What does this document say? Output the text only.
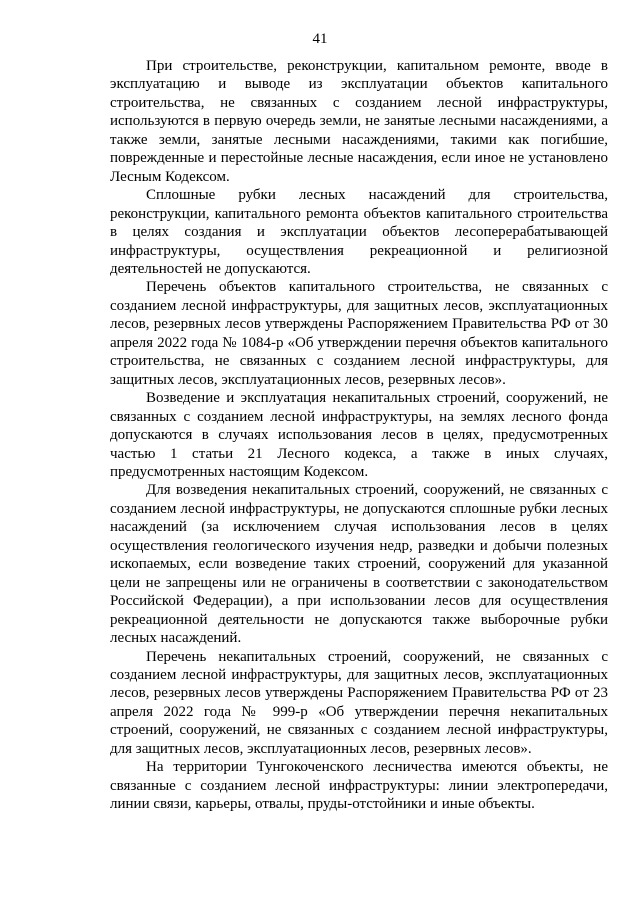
41

При строительстве, реконструкции, капитальном ремонте, вводе в эксплуатацию и выводе из эксплуатации объектов капитального строительства, не связанных с созданием лесной инфраструктуры, используются в первую очередь земли, не занятые лесными насаждениями, а также земли, занятые лесными насаждениями, такими как погибшие, поврежденные и перестойные лесные насаждения, если иное не установлено Лесным Кодексом.

Сплошные рубки лесных насаждений для строительства, реконструкции, капитального ремонта объектов капитального строительства в целях создания и эксплуатации объектов лесоперерабатывающей инфраструктуры, осуществления рекреационной и религиозной деятельностей не допускаются.

Перечень объектов капитального строительства, не связанных с созданием лесной инфраструктуры, для защитных лесов, эксплуатационных лесов, резервных лесов утверждены Распоряжением Правительства РФ от 30 апреля 2022 года № 1084-р «Об утверждении перечня объектов капитального строительства, не связанных с созданием лесной инфраструктуры, для защитных лесов, эксплуатационных лесов, резервных лесов».

Возведение и эксплуатация некапитальных строений, сооружений, не связанных с созданием лесной инфраструктуры, на землях лесного фонда допускаются в случаях использования лесов в целях, предусмотренных частью 1 статьи 21 Лесного кодекса, а также в иных случаях, предусмотренных настоящим Кодексом.

Для возведения некапитальных строений, сооружений, не связанных с созданием лесной инфраструктуры, не допускаются сплошные рубки лесных насаждений (за исключением случая использования лесов в целях осуществления геологического изучения недр, разведки и добычи полезных ископаемых, если возведение таких строений, сооружений для указанной цели не запрещены или не ограничены в соответствии с законодательством Российской Федерации), а при использовании лесов для осуществления рекреационной деятельности не допускаются также выборочные рубки лесных насаждений.

Перечень некапитальных строений, сооружений, не связанных с созданием лесной инфраструктуры, для защитных лесов, эксплуатационных лесов, резервных лесов утверждены Распоряжением Правительства РФ от 23 апреля 2022 года № 999-р «Об утверждении перечня некапитальных строений, сооружений, не связанных с созданием лесной инфраструктуры, для защитных лесов, эксплуатационных лесов, резервных лесов».

На территории Тунгокоченского лесничества имеются объекты, не связанные с созданием лесной инфраструктуры: линии электропередачи, линии связи, карьеры, отвалы, пруды-отстойники и иные объекты.
